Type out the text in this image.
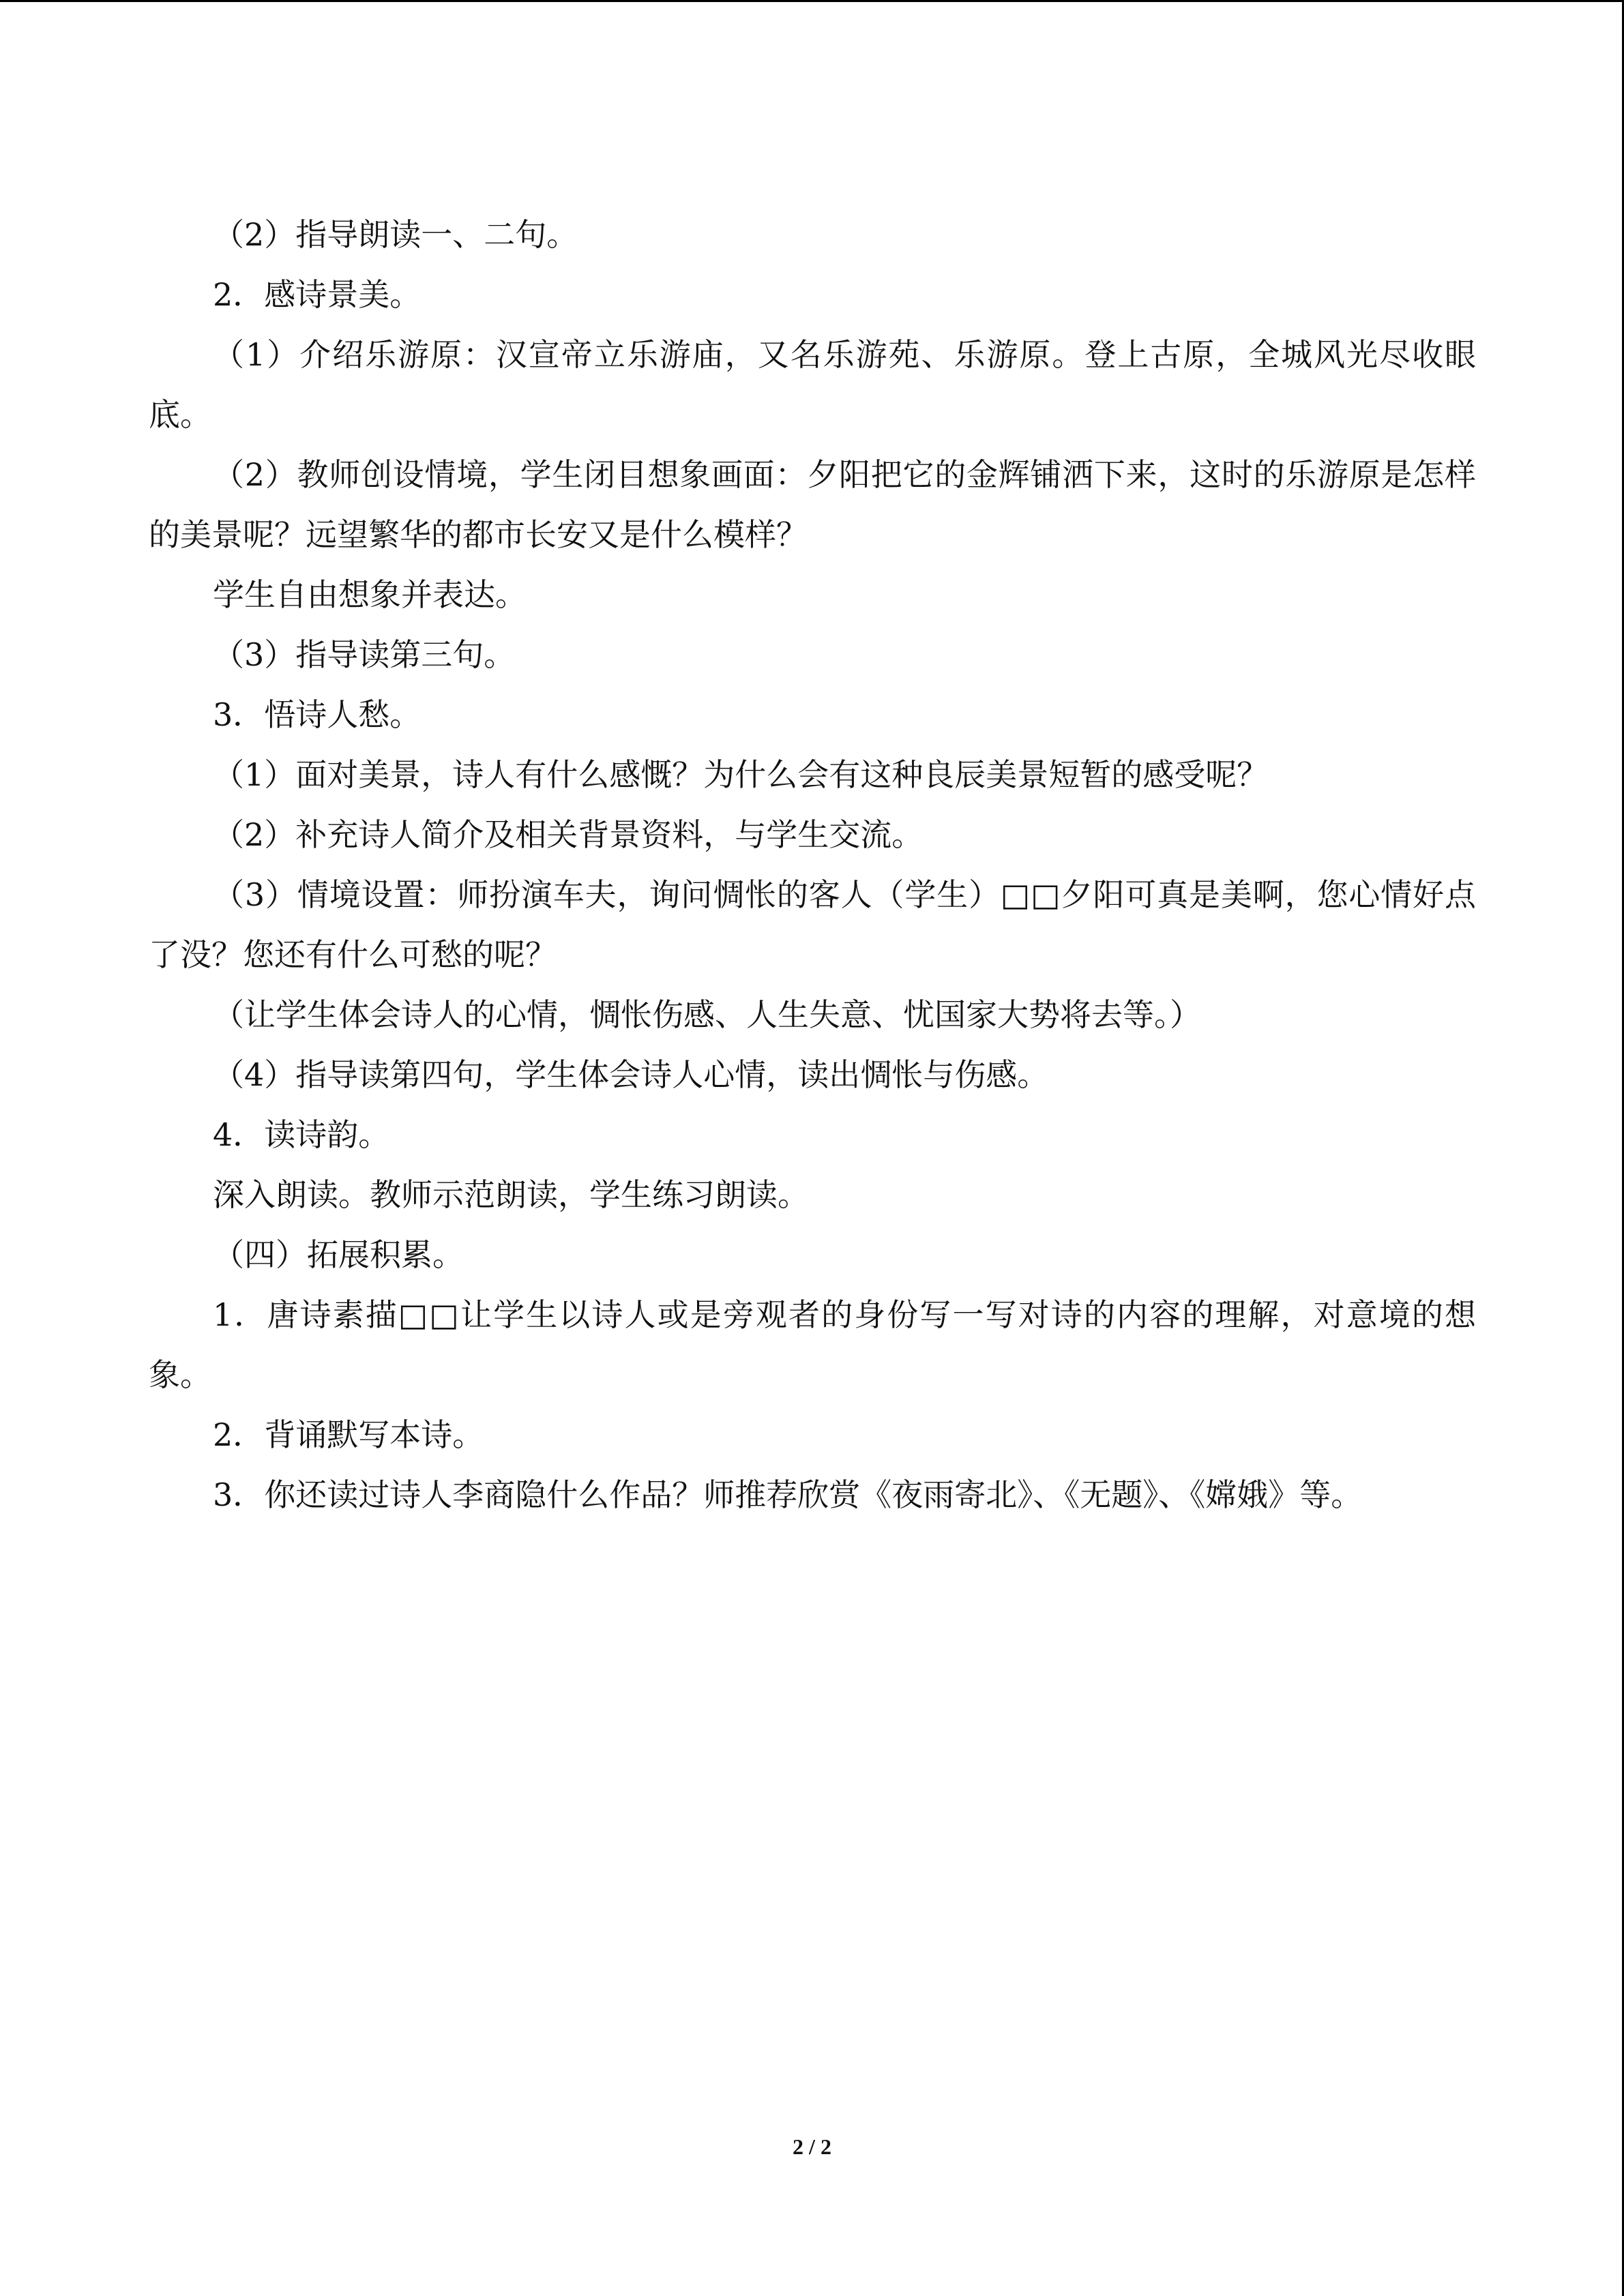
（2）指导朗读一、二句。

2．感诗景美。

（1）介绍乐游原：汉宣帝立乐游庙，又名乐游苑、乐游原。登上古原，全城风光尽收眼底。

（2）教师创设情境，学生闭目想象画面：夕阳把它的金辉铺洒下来，这时的乐游原是怎样的美景呢？远望繁华的都市长安又是什么模样？

学生自由想象并表达。

（3）指导读第三句。

3．悟诗人愁。

（1）面对美景，诗人有什么感慨？为什么会有这种良辰美景短暂的感受呢？

（2）补充诗人简介及相关背景资料，与学生交流。

（3）情境设置：师扮演车夫，询问惆怅的客人（学生）□□夕阳可真是美啊，您心情好点了没？您还有什么可愁的呢？

（让学生体会诗人的心情，惆怅伤感、人生失意、忧国家大势将去等。）

（4）指导读第四句，学生体会诗人心情，读出惆怅与伤感。

4．读诗韵。

深入朗读。教师示范朗读，学生练习朗读。

（四）拓展积累。

1．唐诗素描□□让学生以诗人或是旁观者的身份写一写对诗的内容的理解，对意境的想象。

2．背诵默写本诗。

3．你还读过诗人李商隐什么作品？师推荐欣赏《夜雨寄北》、《无题》、《嫦娥》等。

2 / 2
